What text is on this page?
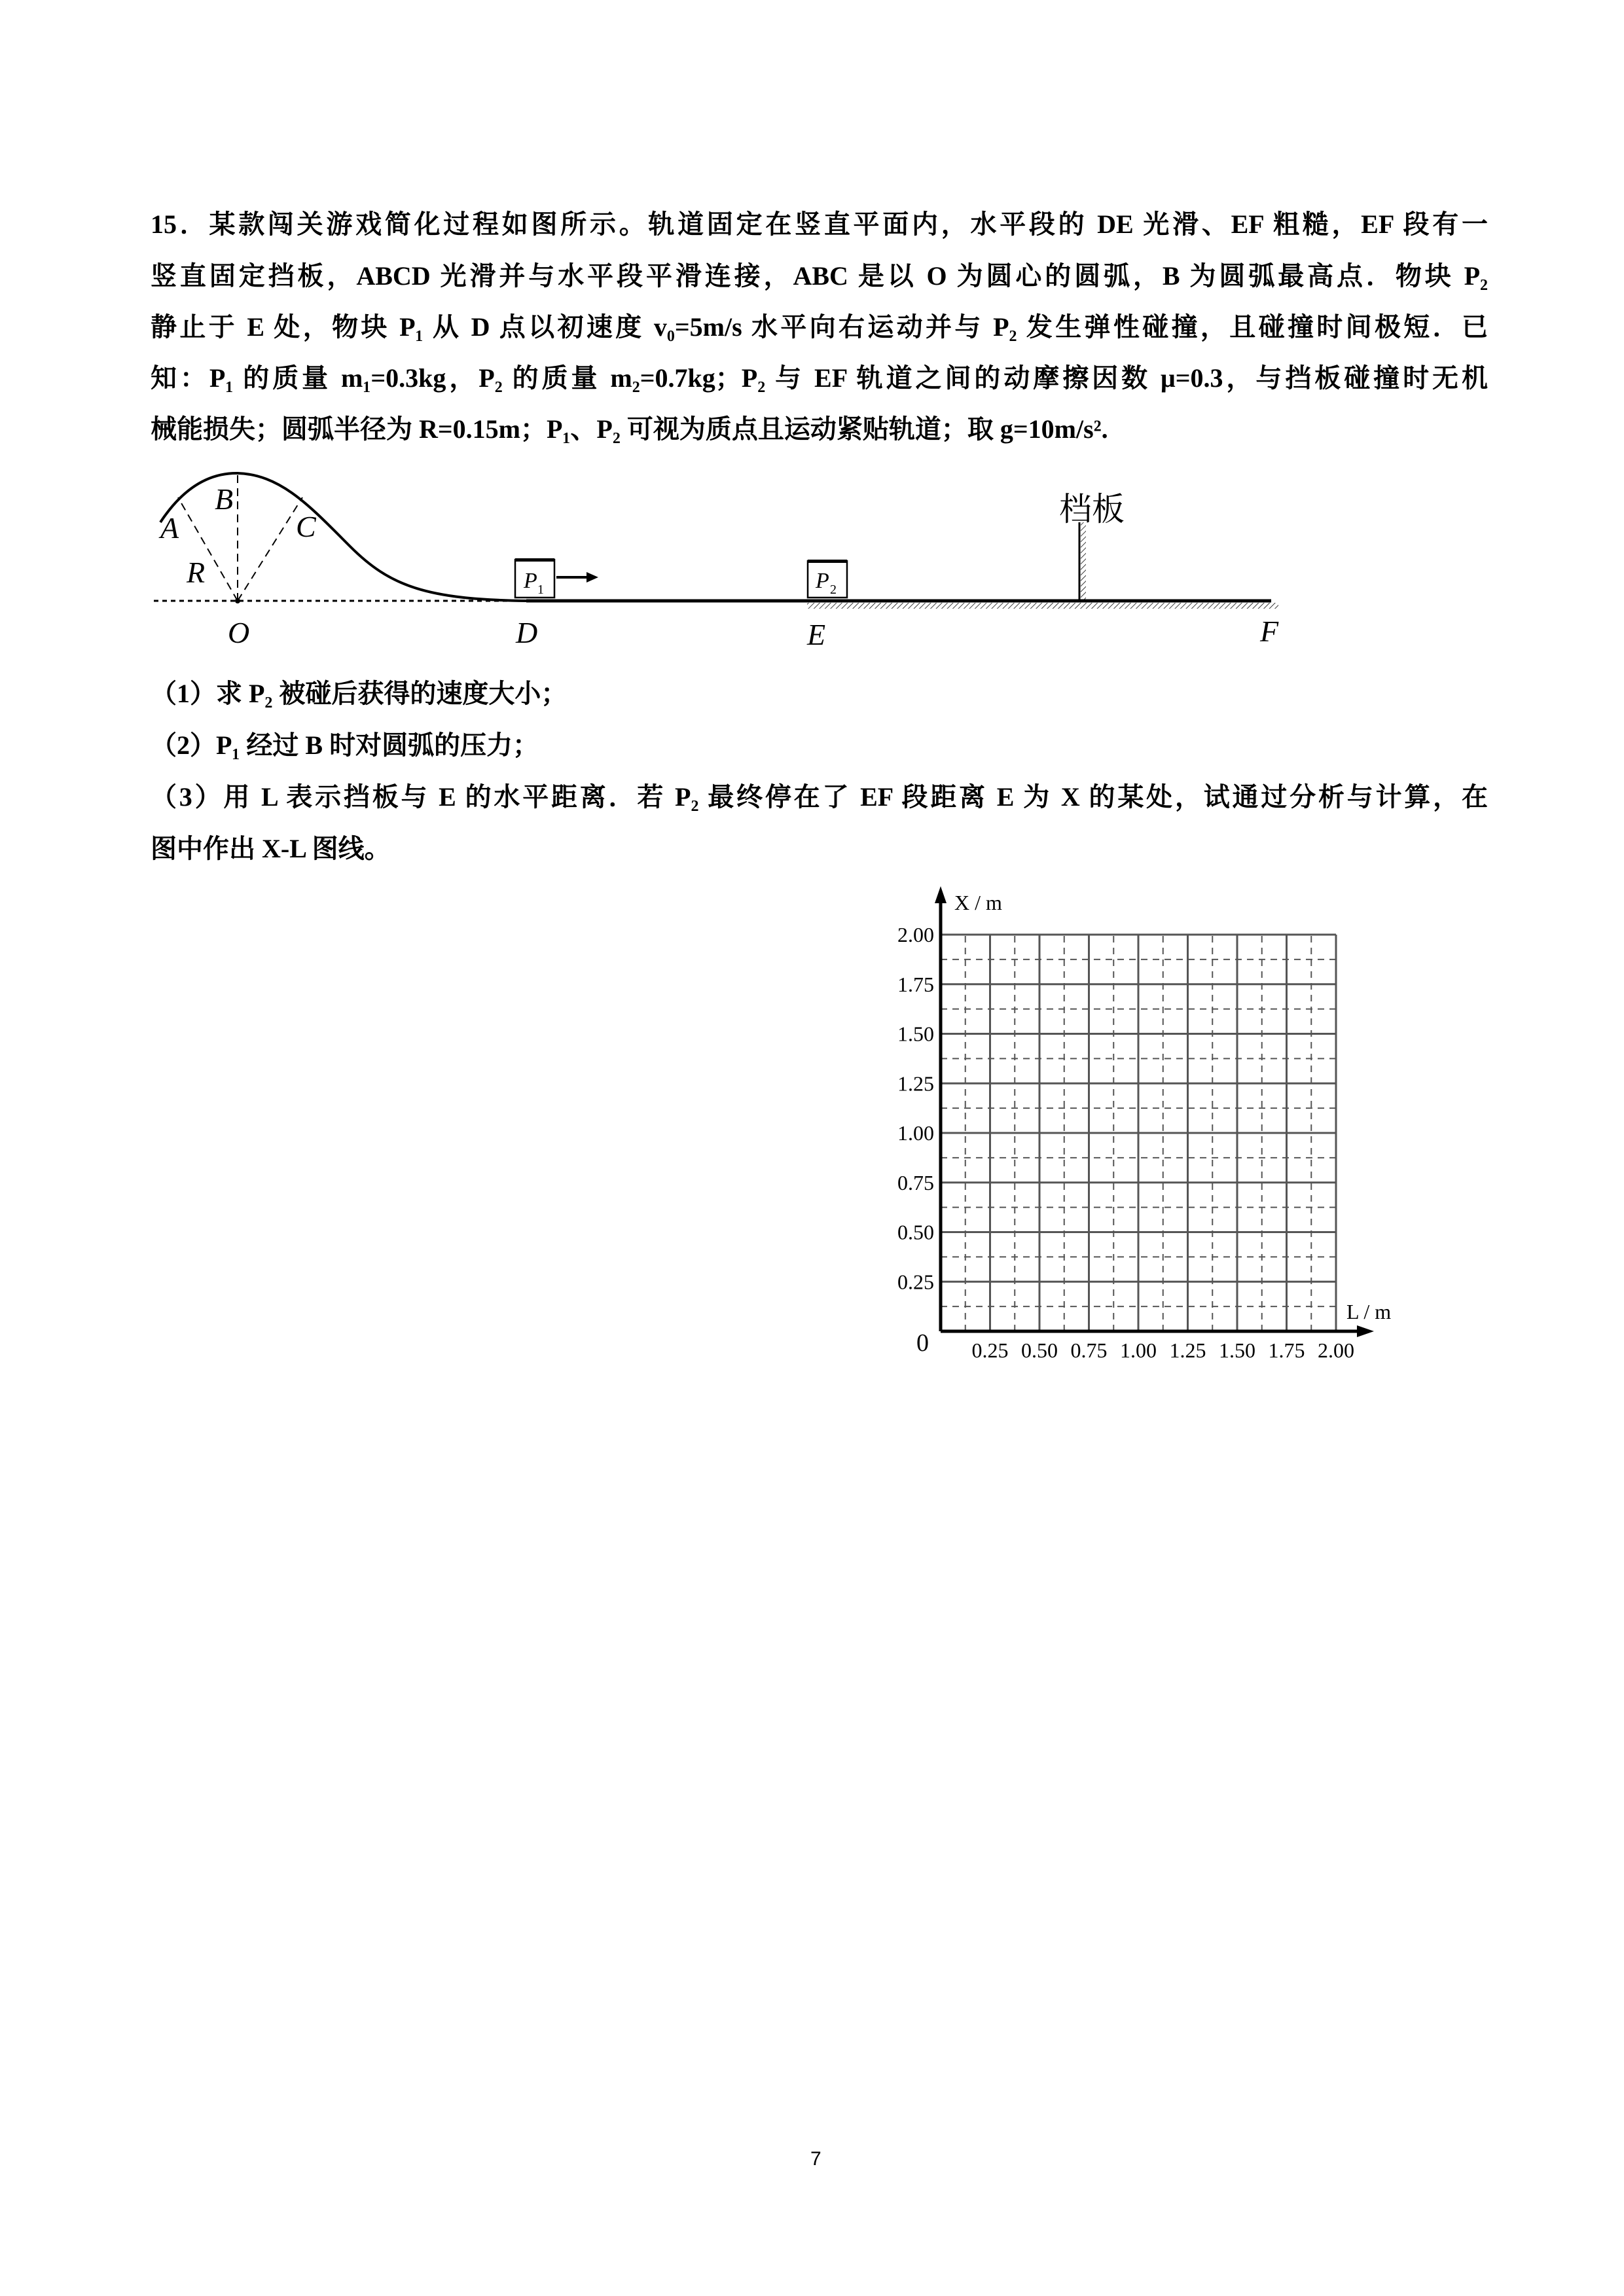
15．某款闯关游戏简化过程如图所示。轨道固定在竖直平面内，水平段的 DE 光滑、EF 粗糙，EF 段有一
竖直固定挡板，ABCD 光滑并与水平段平滑连接，ABC 是以 O 为圆心的圆弧，B 为圆弧最高点．物块 P₂
静止于 E 处，物块 P₁ 从 D 点以初速度 v₀=5m/s 水平向右运动并与 P₂ 发生弹性碰撞，且碰撞时间极短．已
知：P₁ 的质量 m₁=0.3kg，P₂ 的质量 m₂=0.7kg；P₂ 与 EF 轨道之间的动摩擦因数 μ=0.3，与挡板碰撞时无机
械能损失；圆弧半径为 R=0.15m；P₁、P₂ 可视为质点且运动紧贴轨道；取 g=10m/s².
档板
P 1	P 2
A
B
C
R
O	D	E	F
（1）求 P₂ 被碰后获得的速度大小；
（2）P₁ 经过 B 时对圆弧的压力；
（3）用 L 表示挡板与 E 的水平距离．若 P₂ 最终停在了 EF 段距离 E 为 X 的某处，试通过分析与计算，在
图中作出 X-L 图线。
0.25 0.50 0.75 1.00 1.25 1.50 1.75 2.00
0.25
0.50
0.75
1.00
1.25
1.50
1.75
2.00
X / m
L / m
0
7
